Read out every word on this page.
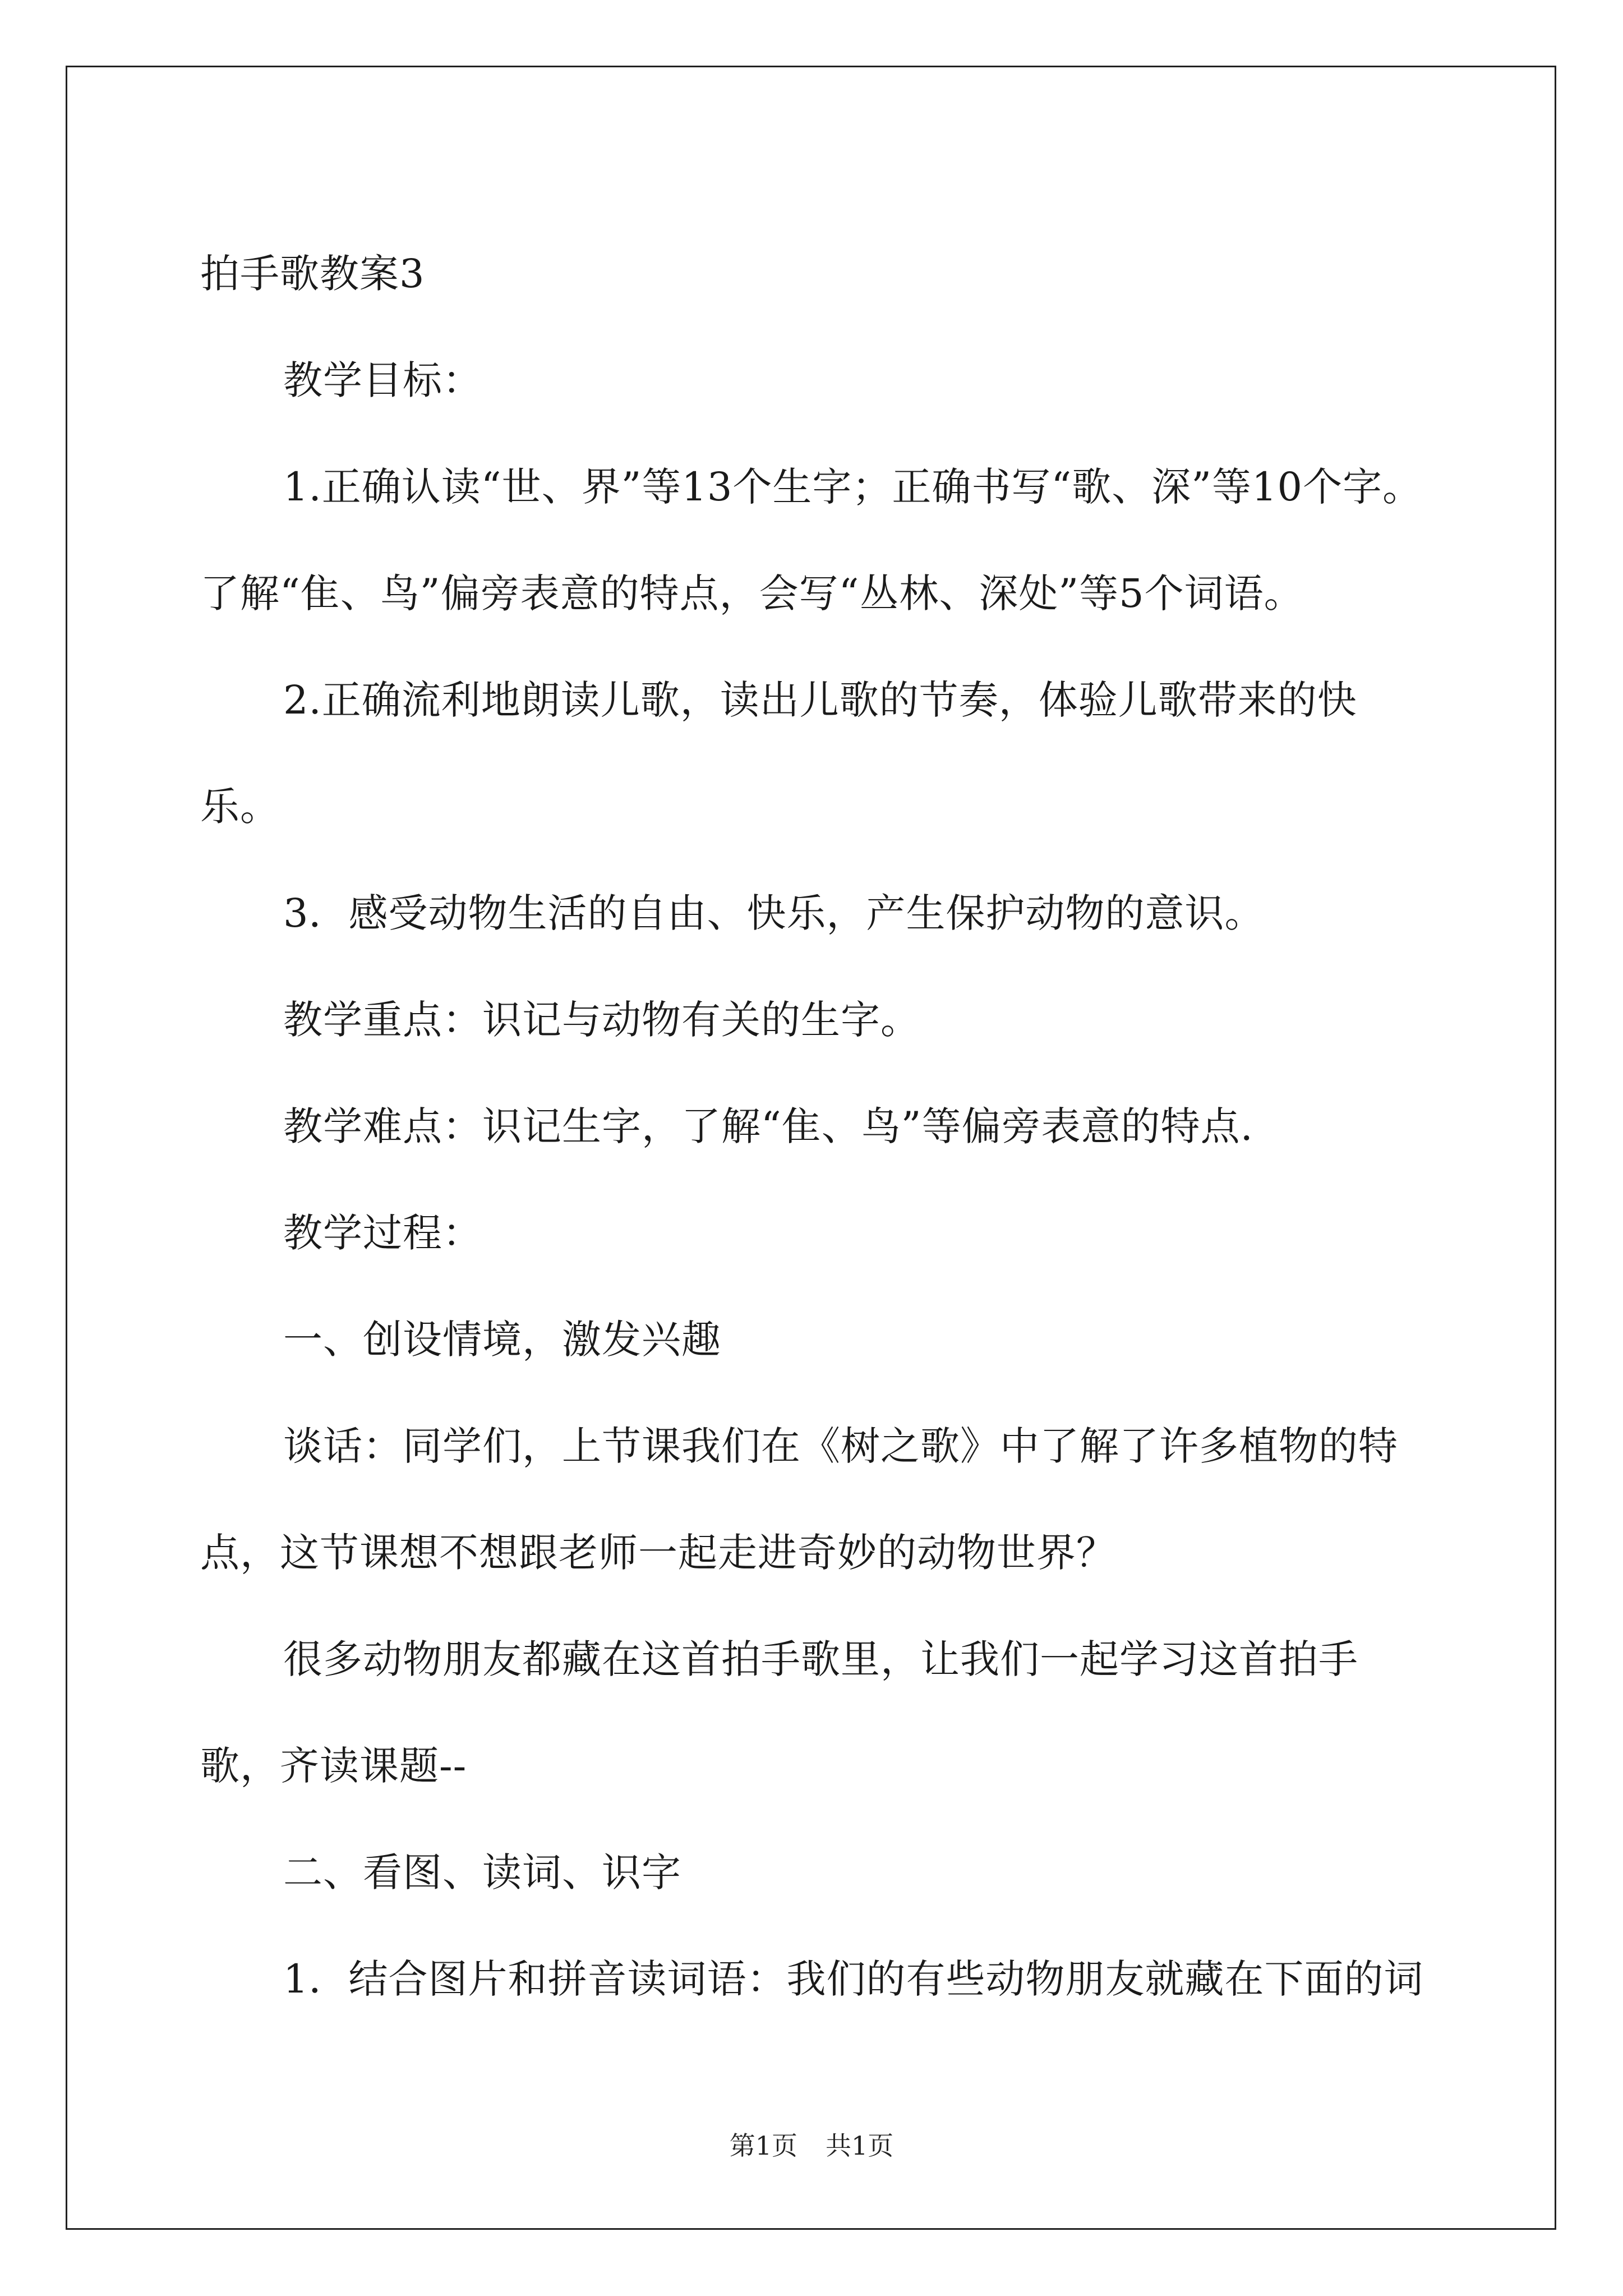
拍手歌教案3

教学目标：

1.正确认读“世、界”等13个生字；正确书写“歌、深”等10个字。了解“隹、鸟”偏旁表意的特点，会写“丛林、深处”等5个词语。

2.正确流利地朗读儿歌，读出儿歌的节奏，体验儿歌带来的快乐。

3．感受动物生活的自由、快乐，产生保护动物的意识。

教学重点：识记与动物有关的生字。

教学难点：识记生字，了解“隹、鸟”等偏旁表意的特点.

教学过程：

一、创设情境，激发兴趣

谈话：同学们，上节课我们在《树之歌》中了解了许多植物的特点，这节课想不想跟老师一起走进奇妙的动物世界？

很多动物朋友都藏在这首拍手歌里，让我们一起学习这首拍手歌，齐读课题--

二、看图、读词、识字

1．结合图片和拼音读词语：我们的有些动物朋友就藏在下面的词

第1页 共1页
